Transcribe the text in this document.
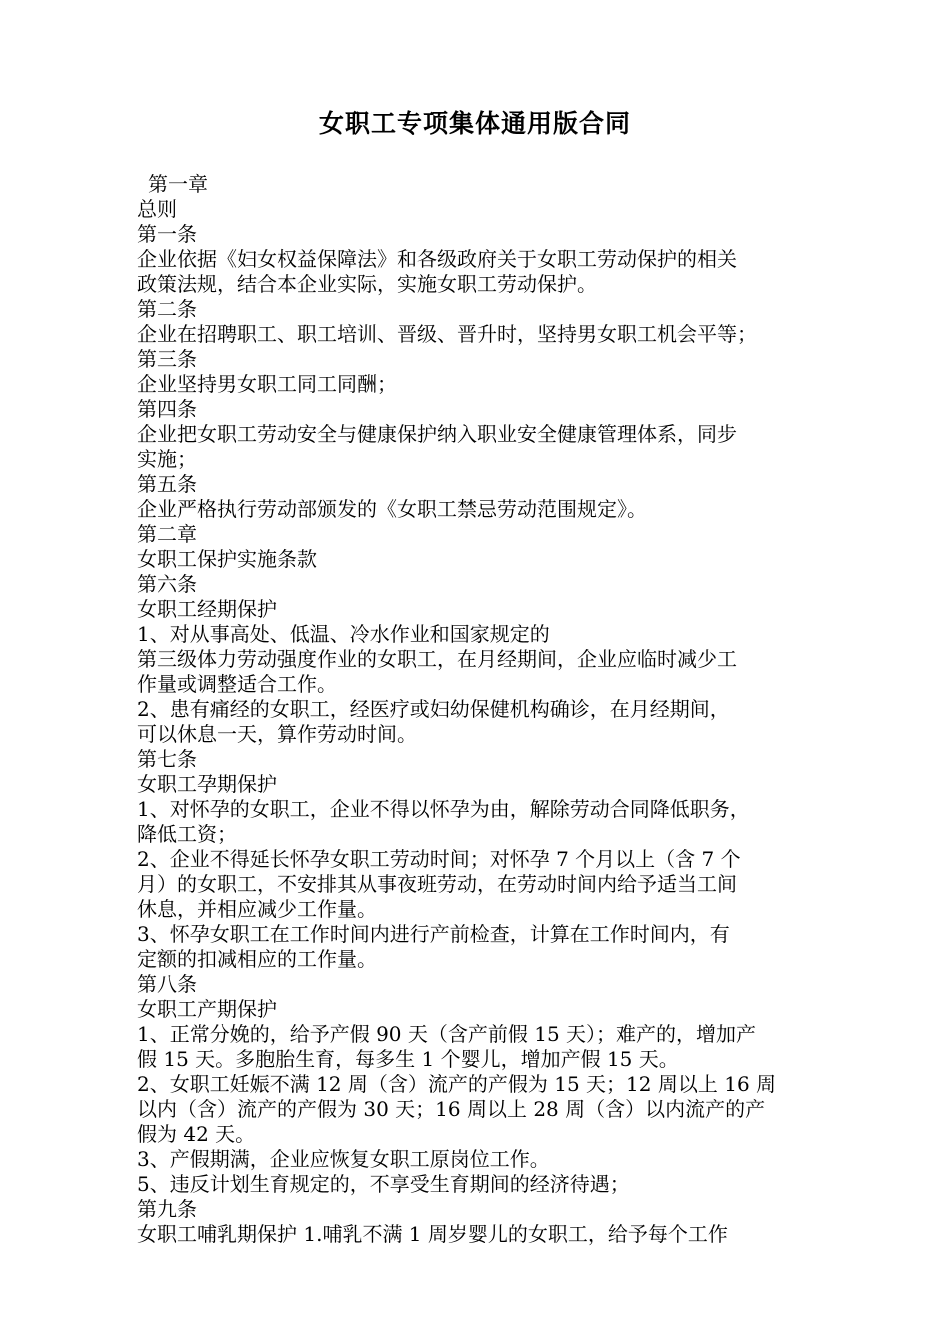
女职工专项集体通用版合同

第一章

总则

第一条

企业依据《妇女权益保障法》和各级政府关于女职工劳动保护的相关

政策法规，结合本企业实际，实施女职工劳动保护。

第二条

企业在招聘职工、职工培训、晋级、晋升时，坚持男女职工机会平等；

第三条

企业坚持男女职工同工同酬；

第四条

企业把女职工劳动安全与健康保护纳入职业安全健康管理体系，同步

实施；

第五条

企业严格执行劳动部颁发的《女职工禁忌劳动范围规定》。

第二章

女职工保护实施条款

第六条

女职工经期保护

1、对从事高处、低温、冷水作业和国家规定的

第三级体力劳动强度作业的女职工，在月经期间，企业应临时减少工

作量或调整适合工作。

2、患有痛经的女职工，经医疗或妇幼保健机构确诊，在月经期间，

可以休息一天，算作劳动时间。

第七条

女职工孕期保护

1、对怀孕的女职工，企业不得以怀孕为由，解除劳动合同降低职务，

降低工资；

2、企业不得延长怀孕女职工劳动时间；对怀孕 7 个月以上（含 7 个

月）的女职工，不安排其从事夜班劳动，在劳动时间内给予适当工间

休息，并相应减少工作量。

3、怀孕女职工在工作时间内进行产前检查，计算在工作时间内，有

定额的扣减相应的工作量。

第八条

女职工产期保护

1、正常分娩的，给予产假 90 天（含产前假 15 天）；难产的，增加产

假 15 天。多胞胎生育，每多生 1 个婴儿，增加产假 15 天。

2、女职工妊娠不满 12 周（含）流产的产假为 15 天；12 周以上 16 周

以内（含）流产的产假为 30 天；16 周以上 28 周（含）以内流产的产

假为 42 天。

3、产假期满，企业应恢复女职工原岗位工作。

5、违反计划生育规定的，不享受生育期间的经济待遇；

第九条

女职工哺乳期保护 1.哺乳不满 1 周岁婴儿的女职工，给予每个工作
